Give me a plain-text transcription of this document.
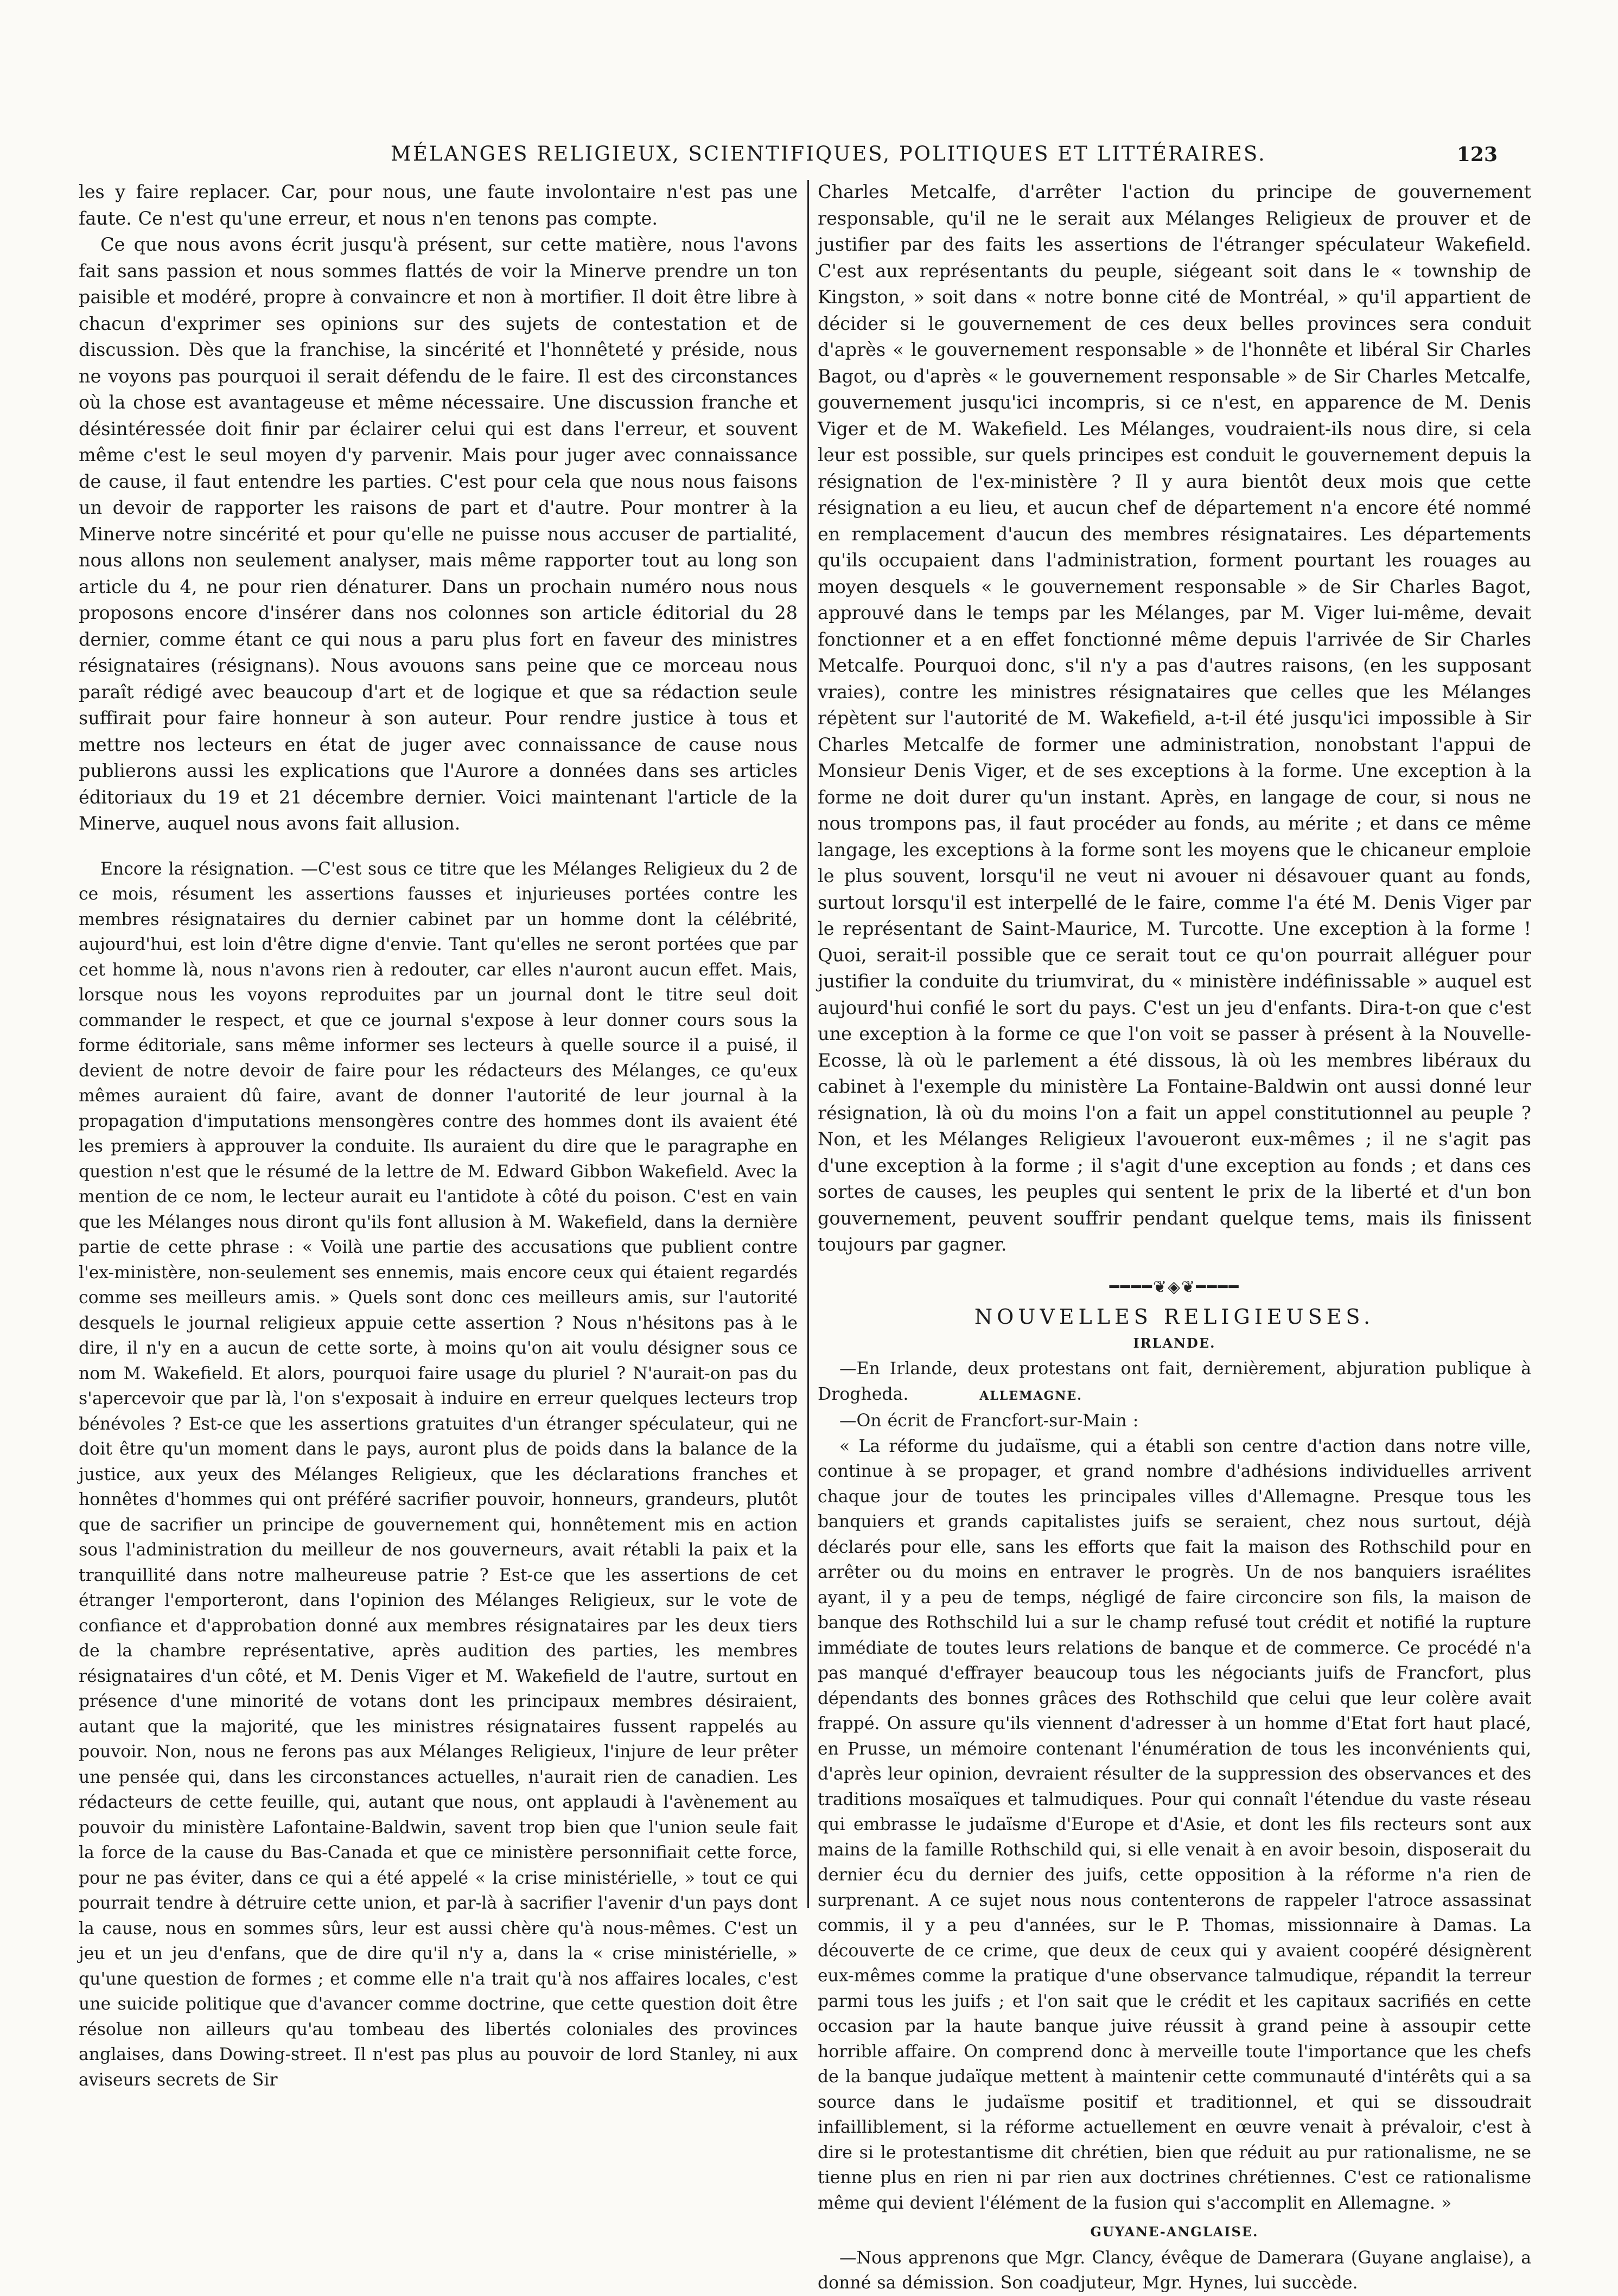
MÉLANGES RELIGIEUX, SCIENTIFIQUES, POLITIQUES ET LITTÉRAIRES.	123

les y faire replacer. Car, pour nous, une faute involontaire n'est pas une faute. Ce n'est qu'une erreur, et nous n'en tenons pas compte.

Ce que nous avons écrit jusqu'à présent, sur cette matière, nous l'avons fait sans passion et nous sommes flattés de voir la Minerve prendre un ton paisible et modéré, propre à convaincre et non à mortifier. Il doit être libre à chacun d'exprimer ses opinions sur des sujets de contestation et de discussion. Dès que la franchise, la sincérité et l'honnêteté y préside, nous ne voyons pas pourquoi il serait défendu de le faire. Il est des circonstances où la chose est avantageuse et même nécessaire. Une discussion franche et désintéressée doit finir par éclairer celui qui est dans l'erreur, et souvent même c'est le seul moyen d'y parvenir. Mais pour juger avec connaissance de cause, il faut entendre les parties. C'est pour cela que nous nous faisons un devoir de rapporter les raisons de part et d'autre. Pour montrer à la Minerve notre sincérité et pour qu'elle ne puisse nous accuser de partialité, nous allons non seulement analyser, mais même rapporter tout au long son article du 4, ne pour rien dénaturer. Dans un prochain numéro nous nous proposons encore d'insérer dans nos colonnes son article éditorial du 28 dernier, comme étant ce qui nous a paru plus fort en faveur des ministres résignataires (résignans). Nous avouons sans peine que ce morceau nous paraît rédigé avec beaucoup d'art et de logique et que sa rédaction seule suffirait pour faire honneur à son auteur. Pour rendre justice à tous et mettre nos lecteurs en état de juger avec connaissance de cause nous publierons aussi les explications que l'Aurore a données dans ses articles éditoriaux du 19 et 21 décembre dernier. Voici maintenant l'article de la Minerve, auquel nous avons fait allusion.

Encore la résignation. —C'est sous ce titre que les Mélanges Religieux du 2 de ce mois, résument les assertions fausses et injurieuses portées contre les membres résignataires du dernier cabinet par un homme dont la célébrité, aujourd'hui, est loin d'être digne d'envie. Tant qu'elles ne seront portées que par cet homme là, nous n'avons rien à redouter, car elles n'auront aucun effet. Mais, lorsque nous les voyons reproduites par un journal dont le titre seul doit commander le respect, et que ce journal s'expose à leur donner cours sous la forme éditoriale, sans même informer ses lecteurs à quelle source il a puisé, il devient de notre devoir de faire pour les rédacteurs des Mélanges, ce qu'eux mêmes auraient dû faire, avant de donner l'autorité de leur journal à la propagation d'imputations mensongères contre des hommes dont ils avaient été les premiers à approuver la conduite. Ils auraient du dire que le paragraphe en question n'est que le résumé de la lettre de M. Edward Gibbon Wakefield. Avec la mention de ce nom, le lecteur aurait eu l'antidote à côté du poison. C'est en vain que les Mélanges nous diront qu'ils font allusion à M. Wakefield, dans la dernière partie de cette phrase : « Voilà une partie des accusations que publient contre l'ex-ministère, non-seulement ses ennemis, mais encore ceux qui étaient regardés comme ses meilleurs amis. » Quels sont donc ces meilleurs amis, sur l'autorité desquels le journal religieux appuie cette assertion ? Nous n'hésitons pas à le dire, il n'y en a aucun de cette sorte, à moins qu'on ait voulu désigner sous ce nom M. Wakefield. Et alors, pourquoi faire usage du pluriel ? N'aurait-on pas du s'apercevoir que par là, l'on s'exposait à induire en erreur quelques lecteurs trop bénévoles ? Est-ce que les assertions gratuites d'un étranger spéculateur, qui ne doit être qu'un moment dans le pays, auront plus de poids dans la balance de la justice, aux yeux des Mélanges Religieux, que les déclarations franches et honnêtes d'hommes qui ont préféré sacrifier pouvoir, honneurs, grandeurs, plutôt que de sacrifier un principe de gouvernement qui, honnêtement mis en action sous l'administration du meilleur de nos gouverneurs, avait rétabli la paix et la tranquillité dans notre malheureuse patrie ? Est-ce que les assertions de cet étranger l'emporteront, dans l'opinion des Mélanges Religieux, sur le vote de confiance et d'approbation donné aux membres résignataires par les deux tiers de la chambre représentative, après audition des parties, les membres résignataires d'un côté, et M. Denis Viger et M. Wakefield de l'autre, surtout en présence d'une minorité de votans dont les principaux membres désiraient, autant que la majorité, que les ministres résignataires fussent rappelés au pouvoir. Non, nous ne ferons pas aux Mélanges Religieux, l'injure de leur prêter une pensée qui, dans les circonstances actuelles, n'aurait rien de canadien. Les rédacteurs de cette feuille, qui, autant que nous, ont applaudi à l'avènement au pouvoir du ministère Lafontaine-Baldwin, savent trop bien que l'union seule fait la force de la cause du Bas-Canada et que ce ministère personnifiait cette force, pour ne pas éviter, dans ce qui a été appelé « la crise ministérielle, » tout ce qui pourrait tendre à détruire cette union, et par-là à sacrifier l'avenir d'un pays dont la cause, nous en sommes sûrs, leur est aussi chère qu'à nous-mêmes. C'est un jeu et un jeu d'enfans, que de dire qu'il n'y a, dans la « crise ministérielle, » qu'une question de formes ; et comme elle n'a trait qu'à nos affaires locales, c'est une suicide politique que d'avancer comme doctrine, que cette question doit être résolue non ailleurs qu'au tombeau des libertés coloniales des provinces anglaises, dans Dowing-street. Il n'est pas plus au pouvoir de lord Stanley, ni aux aviseurs secrets de Sir

Charles Metcalfe, d'arrêter l'action du principe de gouvernement responsable, qu'il ne le serait aux Mélanges Religieux de prouver et de justifier par des faits les assertions de l'étranger spéculateur Wakefield. C'est aux représentants du peuple, siégeant soit dans le « township de Kingston, » soit dans « notre bonne cité de Montréal, » qu'il appartient de décider si le gouvernement de ces deux belles provinces sera conduit d'après « le gouvernement responsable » de l'honnête et libéral Sir Charles Bagot, ou d'après « le gouvernement responsable » de Sir Charles Metcalfe, gouvernement jusqu'ici incompris, si ce n'est, en apparence de M. Denis Viger et de M. Wakefield. Les Mélanges, voudraient-ils nous dire, si cela leur est possible, sur quels principes est conduit le gouvernement depuis la résignation de l'ex-ministère ? Il y aura bientôt deux mois que cette résignation a eu lieu, et aucun chef de département n'a encore été nommé en remplacement d'aucun des membres résignataires. Les départements qu'ils occupaient dans l'administration, forment pourtant les rouages au moyen desquels « le gouvernement responsable » de Sir Charles Bagot, approuvé dans le temps par les Mélanges, par M. Viger lui-même, devait fonctionner et a en effet fonctionné même depuis l'arrivée de Sir Charles Metcalfe. Pourquoi donc, s'il n'y a pas d'autres raisons, (en les supposant vraies), contre les ministres résignataires que celles que les Mélanges répètent sur l'autorité de M. Wakefield, a-t-il été jusqu'ici impossible à Sir Charles Metcalfe de former une administration, nonobstant l'appui de Monsieur Denis Viger, et de ses exceptions à la forme. Une exception à la forme ne doit durer qu'un instant. Après, en langage de cour, si nous ne nous trompons pas, il faut procéder au fonds, au mérite ; et dans ce même langage, les exceptions à la forme sont les moyens que le chicaneur emploie le plus souvent, lorsqu'il ne veut ni avouer ni désavouer quant au fonds, surtout lorsqu'il est interpellé de le faire, comme l'a été M. Denis Viger par le représentant de Saint-Maurice, M. Turcotte. Une exception à la forme ! Quoi, serait-il possible que ce serait tout ce qu'on pourrait alléguer pour justifier la conduite du triumvirat, du « ministère indéfinissable » auquel est aujourd'hui confié le sort du pays. C'est un jeu d'enfants. Dira-t-on que c'est une exception à la forme ce que l'on voit se passer à présent à la Nouvelle-Ecosse, là où le parlement a été dissous, là où les membres libéraux du cabinet à l'exemple du ministère La Fontaine-Baldwin ont aussi donné leur résignation, là où du moins l'on a fait un appel constitutionnel au peuple ? Non, et les Mélanges Religieux l'avoueront eux-mêmes ; il ne s'agit pas d'une exception à la forme ; il s'agit d'une exception au fonds ; et dans ces sortes de causes, les peuples qui sentent le prix de la liberté et d'un bon gouvernement, peuvent souffrir pendant quelque tems, mais ils finissent toujours par gagner.

━━━━❦◈❦━━━━

NOUVELLES RELIGIEUSES.

IRLANDE.

—En Irlande, deux protestans ont fait, dernièrement, abjuration publique à Drogheda.	ALLEMAGNE.

—On écrit de Francfort-sur-Main :

« La réforme du judaïsme, qui a établi son centre d'action dans notre ville, continue à se propager, et grand nombre d'adhésions individuelles arrivent chaque jour de toutes les principales villes d'Allemagne. Presque tous les banquiers et grands capitalistes juifs se seraient, chez nous surtout, déjà déclarés pour elle, sans les efforts que fait la maison des Rothschild pour en arrêter ou du moins en entraver le progrès. Un de nos banquiers israélites ayant, il y a peu de temps, négligé de faire circoncire son fils, la maison de banque des Rothschild lui a sur le champ refusé tout crédit et notifié la rupture immédiate de toutes leurs relations de banque et de commerce. Ce procédé n'a pas manqué d'effrayer beaucoup tous les négociants juifs de Francfort, plus dépendants des bonnes grâces des Rothschild que celui que leur colère avait frappé. On assure qu'ils viennent d'adresser à un homme d'Etat fort haut placé, en Prusse, un mémoire contenant l'énumération de tous les inconvénients qui, d'après leur opinion, devraient résulter de la suppression des observances et des traditions mosaïques et talmudiques. Pour qui connaît l'étendue du vaste réseau qui embrasse le judaïsme d'Europe et d'Asie, et dont les fils recteurs sont aux mains de la famille Rothschild qui, si elle venait à en avoir besoin, disposerait du dernier écu du dernier des juifs, cette opposition à la réforme n'a rien de surprenant. A ce sujet nous nous contenterons de rappeler l'atroce assassinat commis, il y a peu d'années, sur le P. Thomas, missionnaire à Damas. La découverte de ce crime, que deux de ceux qui y avaient coopéré désignèrent eux-mêmes comme la pratique d'une observance talmudique, répandit la terreur parmi tous les juifs ; et l'on sait que le crédit et les capitaux sacrifiés en cette occasion par la haute banque juive réussit à grand peine à assoupir cette horrible affaire. On comprend donc à merveille toute l'importance que les chefs de la banque judaïque mettent à maintenir cette communauté d'intérêts qui a sa source dans le judaïsme positif et traditionnel, et qui se dissoudrait infailliblement, si la réforme actuellement en œuvre venait à prévaloir, c'est à dire si le protestantisme dit chrétien, bien que réduit au pur rationalisme, ne se tienne plus en rien ni par rien aux doctrines chrétiennes. C'est ce rationalisme même qui devient l'élément de la fusion qui s'accomplit en Allemagne. »

GUYANE-ANGLAISE.

—Nous apprenons que Mgr. Clancy, évêque de Damerara (Guyane anglaise), a donné sa démission. Son coadjuteur, Mgr. Hynes, lui succède.
